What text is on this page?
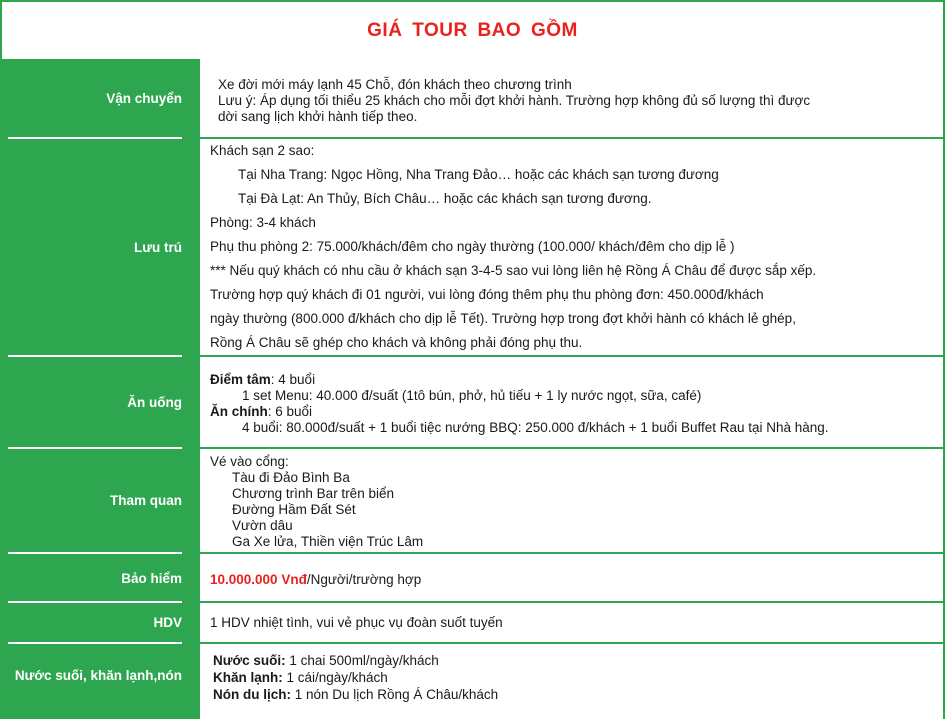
GIÁ TOUR BAO GỒM
Vận chuyển

Xe đời mới máy lạnh 45 Chỗ, đón khách theo chương trình

Lưu ý: Áp dụng tối thiểu 25 khách cho mỗi đợt khởi hành. Trường hợp không đủ số lượng thì được

dời sang lịch khởi hành tiếp theo.

Lưu trú

Khách sạn 2 sao:

Tại Nha Trang: Ngọc Hồng, Nha Trang Đảo… hoặc các khách sạn tương đương

Tại Đà Lạt: An Thủy, Bích Châu… hoặc các khách sạn tương đương.

Phòng: 3-4 khách

Phụ thu phòng 2: 75.000/khách/đêm cho ngày thường (100.000/ khách/đêm cho dịp lễ )

*** Nếu quý khách có nhu cầu ở khách sạn 3-4-5 sao vui lòng liên hệ Rồng Á Châu để được sắp xếp.

Trường hợp quý khách đi 01 người, vui lòng đóng thêm phụ thu phòng đơn: 450.000đ/khách

ngày thường (800.000 đ/khách cho dịp lễ Tết). Trường hợp trong đợt khởi hành có khách lẻ ghép,

Rồng Á Châu sẽ ghép cho khách và không phải đóng phụ thu.

Ăn uống

Điểm tâm: 4 buổi

1 set Menu: 40.000 đ/suất (1tô bún, phở, hủ tiếu + 1 ly nước ngọt, sữa, café)

Ăn chính: 6 buổi

4 buổi: 80.000đ/suất + 1 buổi tiệc nướng BBQ: 250.000 đ/khách + 1 buổi Buffet Rau tại Nhà hàng.

Tham quan

Vé vào cổng:

Tàu đi Đảo Bình Ba

Chương trình Bar trên biển

Đường Hầm Đất Sét

Vườn dâu

Ga Xe lửa, Thiền viện Trúc Lâm

Bảo hiểm	10.000.000 Vnđ/Người/trường hợp

HDV	1 HDV nhiệt tình, vui vẻ phục vụ đoàn suốt tuyến

Nước suối, khăn lạnh,nón

Nước suối: 1 chai 500ml/ngày/khách

Khăn lạnh: 1 cái/ngày/khách

Nón du lịch: 1 nón Du lịch Rồng Á Châu/khách
